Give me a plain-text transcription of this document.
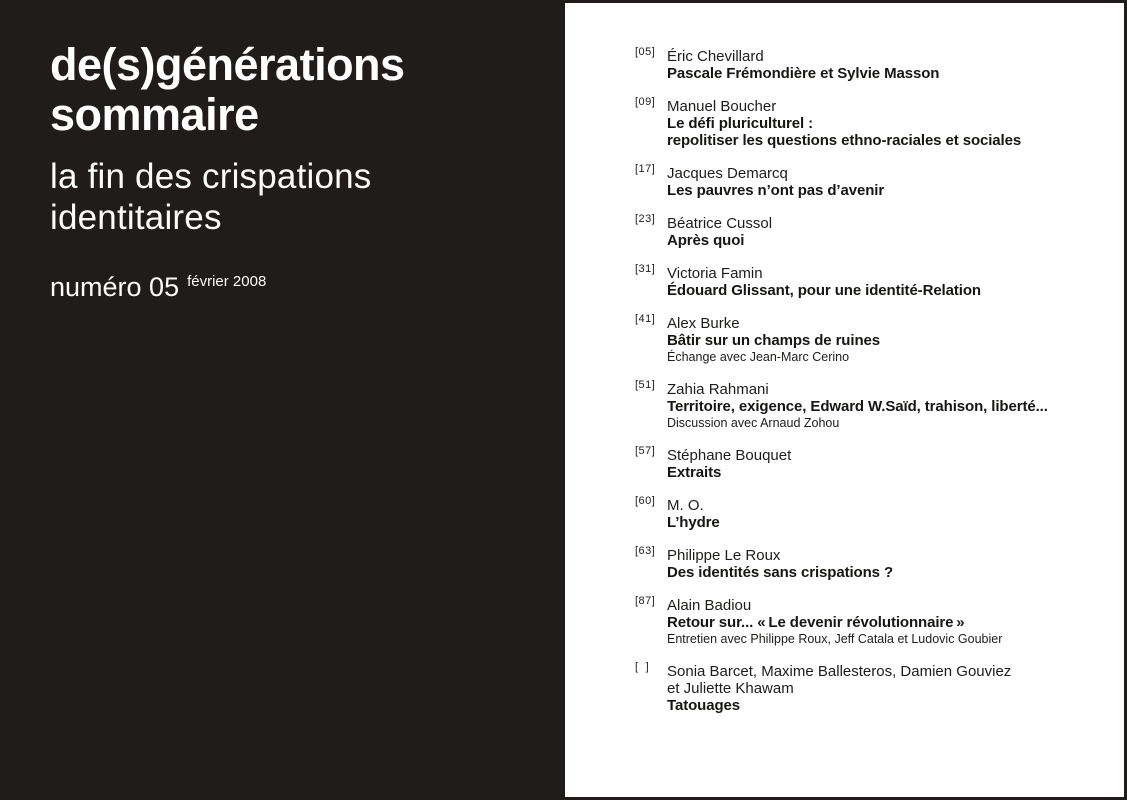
de(s)générations
sommaire
la fin des crispations
identitaires
numéro 05 $^{février 2008}$
[05] Éric Chevillard
Pascale Frémondière et Sylvie Masson
[09] Manuel Boucher
Le défi pluriculturel :
repolitiser les questions ethno-raciales et sociales
[17] Jacques Demarcq
Les pauvres n’ont pas d’avenir
[23] Béatrice Cussol
Après quoi
[31] Victoria Famin
Édouard Glissant, pour une identité-Relation
[41] Alex Burke
Bâtir sur un champs de ruines
Échange avec Jean-Marc Cerino
[51] Zahia Rahmani
Territoire, exigence, Edward W.Saïd, trahison, liberté...
Discussion avec Arnaud Zohou
[57] Stéphane Bouquet
Extraits
[60] M. O.
L’hydre
[63] Philippe Le Roux
Des identités sans crispations ?
[87] Alain Badiou
Retour sur... « Le devenir révolutionnaire »
Entretien avec Philippe Roux, Jeff Catala et Ludovic Goubier
[  ]	Sonia Barcet, Maxime Ballesteros, Damien Gouviez
et Juliette Khawam
Tatouages
